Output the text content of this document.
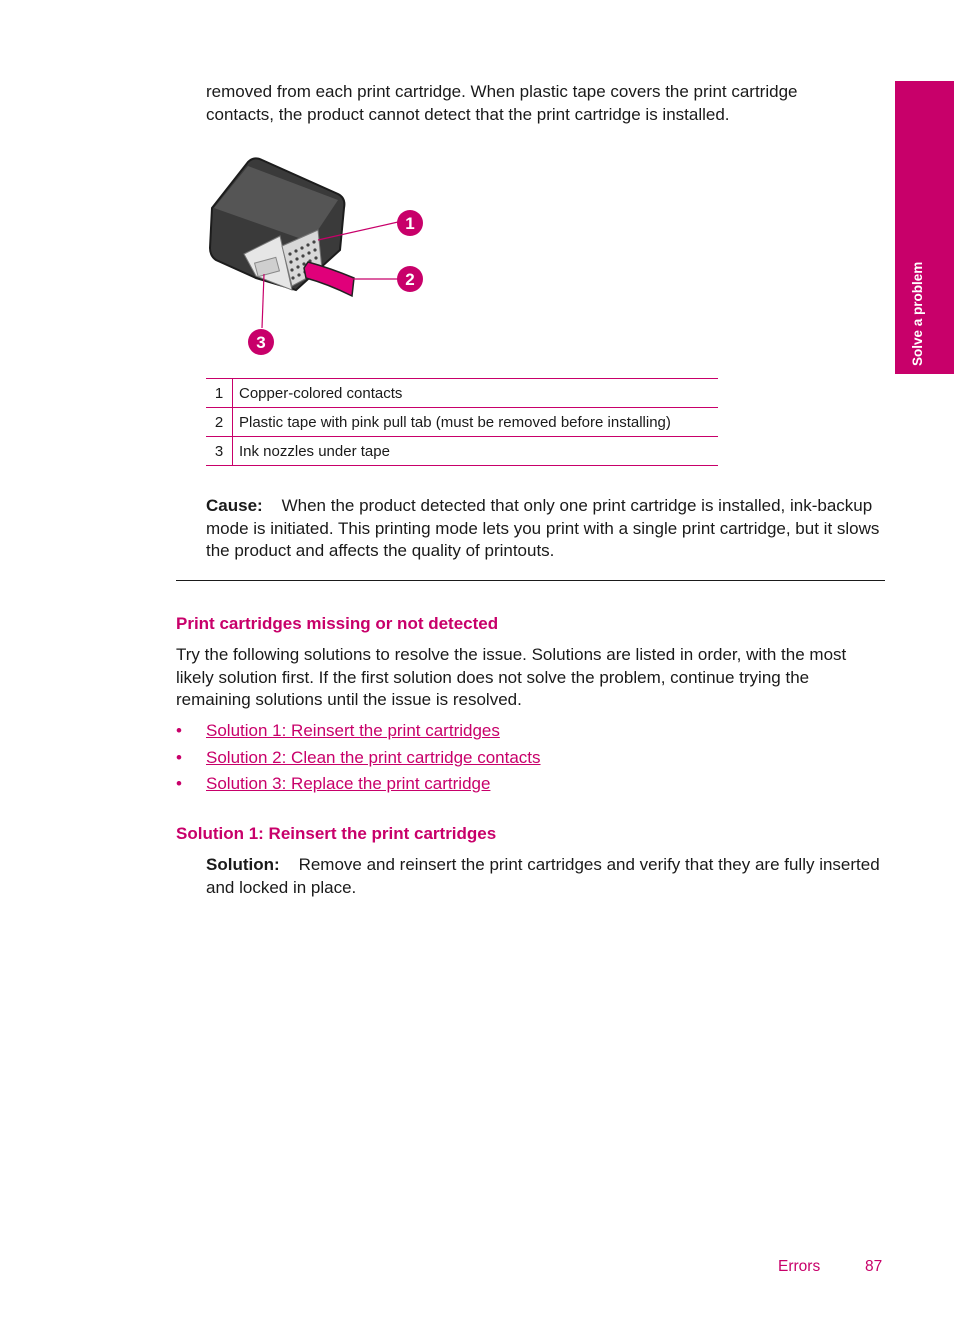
Solve a problem

removed from each print cartridge. When plastic tape covers the print cartridge contacts, the product cannot detect that the print cartridge is installed.

1
2
3
1	Copper-colored contacts
2	Plastic tape with pink pull tab (must be removed before installing)
3	Ink nozzles under tape

Cause: When the product detected that only one print cartridge is installed, ink-backup mode is initiated. This printing mode lets you print with a single print cartridge, but it slows the product and affects the quality of printouts.

Print cartridges missing or not detected

Try the following solutions to resolve the issue. Solutions are listed in order, with the most likely solution first. If the first solution does not solve the problem, continue trying the remaining solutions until the issue is resolved.

• Solution 1: Reinsert the print cartridges
• Solution 2: Clean the print cartridge contacts
• Solution 3: Replace the print cartridge
Solution 1: Reinsert the print cartridges

Solution: Remove and reinsert the print cartridges and verify that they are fully inserted and locked in place.

Errors	87
